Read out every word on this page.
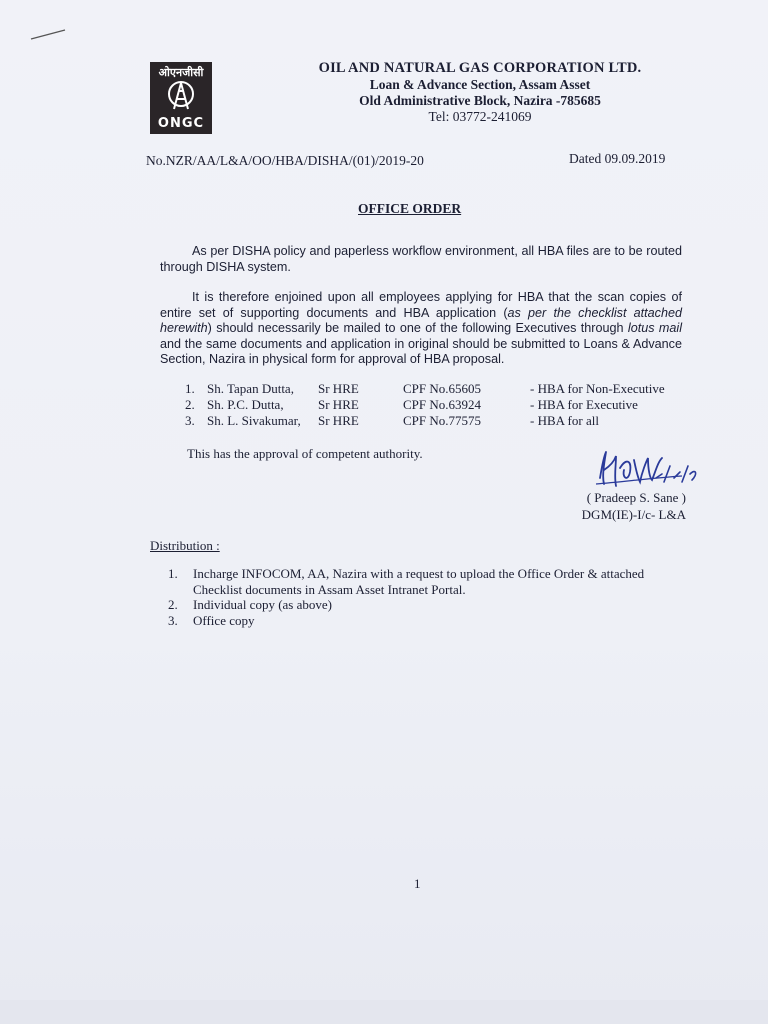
ओएनजीसी
ONGC
OIL AND NATURAL GAS CORPORATION LTD.
Loan & Advance Section, Assam Asset
Old Administrative Block, Nazira -785685
Tel: 03772-241069
No.NZR/AA/L&A/OO/HBA/DISHA/(01)/2019-20	Dated 09.09.2019
OFFICE ORDER
As per DISHA policy and paperless workflow environment, all HBA files are to be routed through DISHA system.
It is therefore enjoined upon all employees applying for HBA that the scan copies of entire set of supporting documents and HBA application (as per the checklist attached herewith) should necessarily be mailed to one of the following Executives through lotus mail and the same documents and application in original should be submitted to Loans & Advance Section, Nazira in physical form for approval of HBA proposal.
1. Sh. Tapan Dutta, Sr HRE	CPF No.65605	- HBA for Non-Executive
2. Sh. P.C. Dutta,	Sr HRE	CPF No.63924	- HBA for Executive
3. Sh. L. Sivakumar, Sr HRE	CPF No.77575	- HBA for all
This has the approval of competent authority.
( Pradeep S. Sane )
DGM(IE)-I/c- L&A
Distribution :
1. Incharge INFOCOM, AA, Nazira with a request to upload the Office Order & attached Checklist documents in Assam Asset Intranet Portal.
2. Individual copy (as above)
3. Office copy
1
